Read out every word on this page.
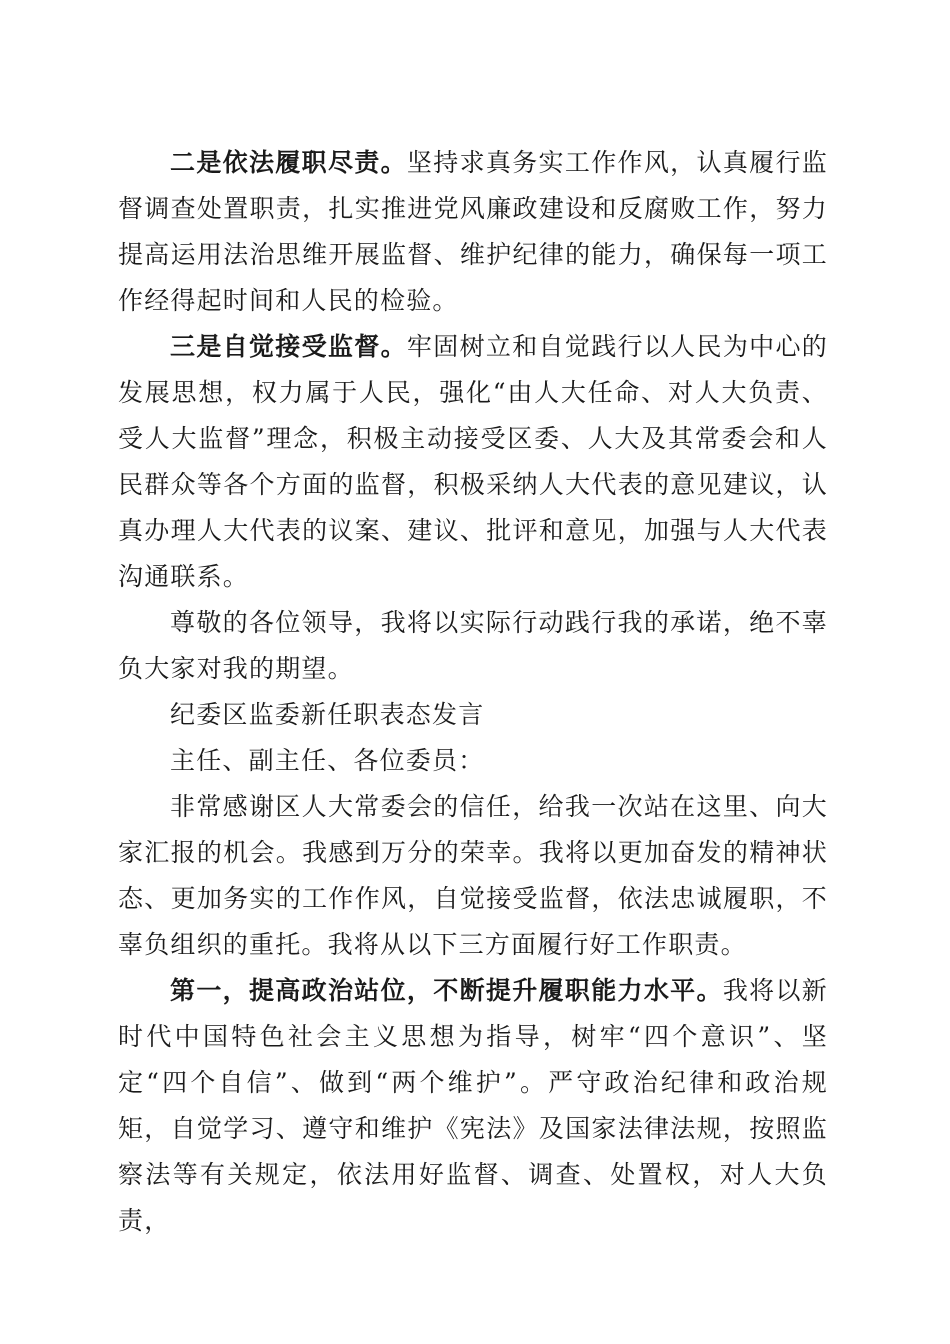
二是依法履职尽责。坚持求真务实工作作风，认真履行监督调查处置职责，扎实推进党风廉政建设和反腐败工作，努力提高运用法治思维开展监督、维护纪律的能力，确保每一项工作经得起时间和人民的检验。

三是自觉接受监督。牢固树立和自觉践行以人民为中心的发展思想，权力属于人民，强化“由人大任命、对人大负责、受人大监督”理念，积极主动接受区委、人大及其常委会和人民群众等各个方面的监督，积极采纳人大代表的意见建议，认真办理人大代表的议案、建议、批评和意见，加强与人大代表沟通联系。

尊敬的各位领导，我将以实际行动践行我的承诺，绝不辜负大家对我的期望。

纪委区监委新任职表态发言

主任、副主任、各位委员：

非常感谢区人大常委会的信任，给我一次站在这里、向大家汇报的机会。我感到万分的荣幸。我将以更加奋发的精神状态、更加务实的工作作风，自觉接受监督，依法忠诚履职，不辜负组织的重托。我将从以下三方面履行好工作职责。

第一，提高政治站位，不断提升履职能力水平。我将以新时代中国特色社会主义思想为指导，树牢“四个意识”、坚定“四个自信”、做到“两个维护”。严守政治纪律和政治规矩，自觉学习、遵守和维护《宪法》及国家法律法规，按照监察法等有关规定，依法用好监督、调查、处置权，对人大负责，
